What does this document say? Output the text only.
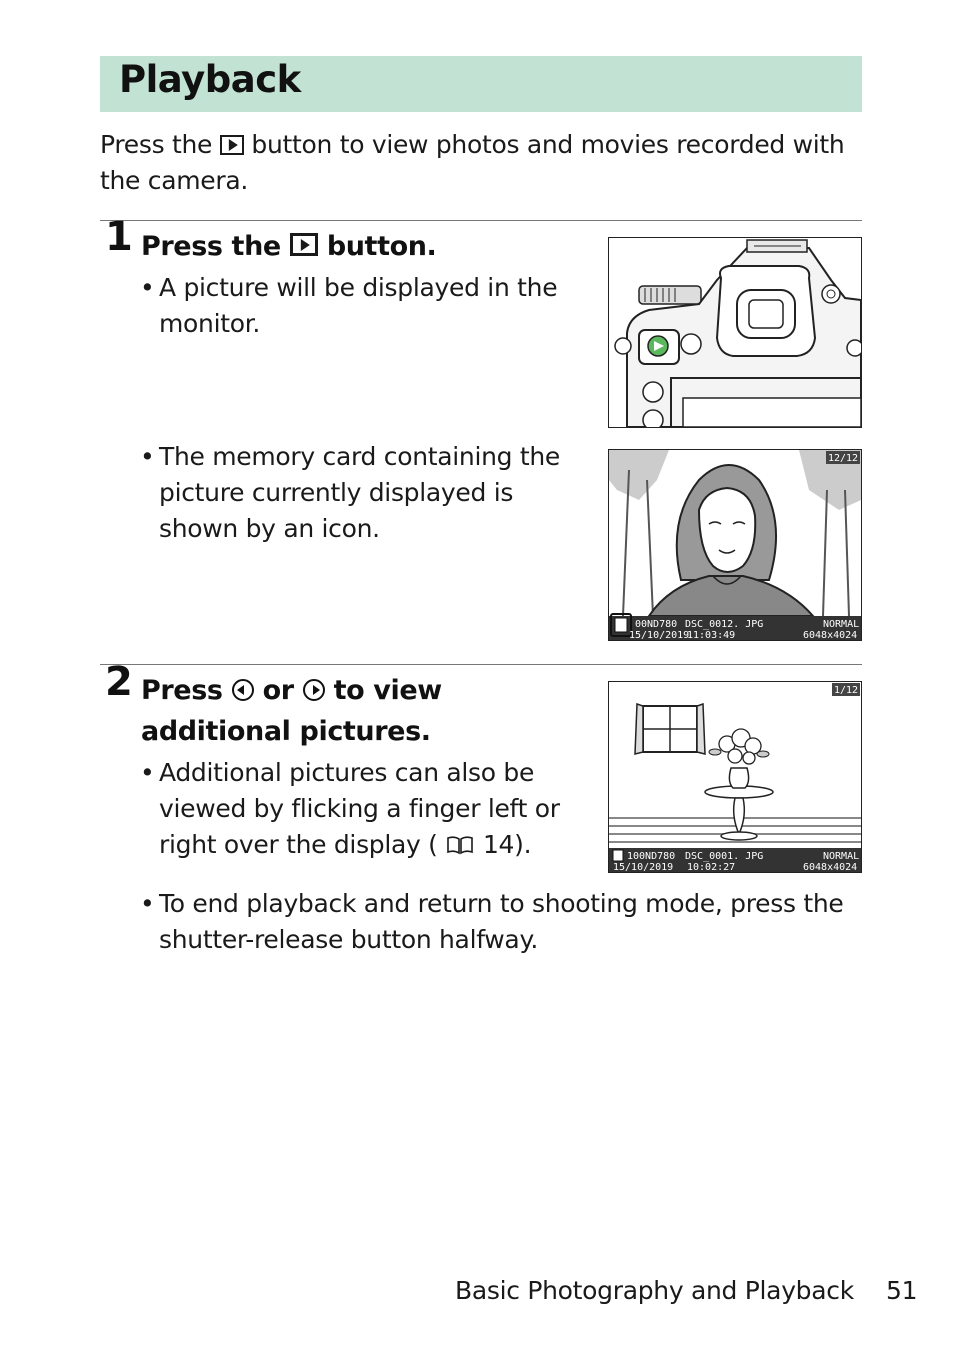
Playback
Press the button to view photos and movies recorded with the camera.
1 Press the button.
• A picture will be displayed in the monitor.
• The memory card containing the picture currently displayed is shown by an icon.
12/12
00ND780 DSC_0012. JPG	NORMAL
15/10/2019
11:03:49	6048x4024
2 Press or to view
additional pictures.
• Additional pictures can also be viewed by flicking a finger left or right over the display ( 14).
1/12
100ND780 DSC_0001. JPG	NORMAL
15/10/2019 10:02:27	6048x4024
• To end playback and return to shooting mode, press the shutter-release button halfway.
Basic Photography and Playback 51
